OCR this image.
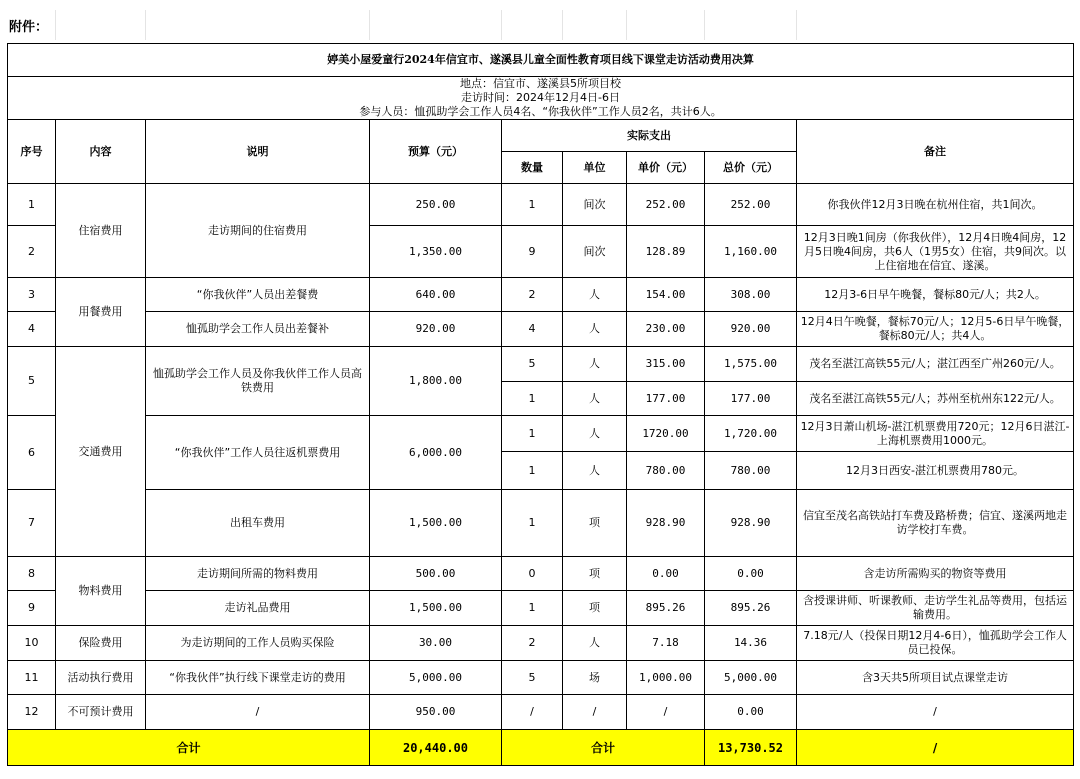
附件：
婷美小屋爱童行2024年信宜市、遂溪县儿童全面性教育项目线下课堂走访活动费用决算								

地点：信宜市、遂溪县5所项目校
走访时间：2024年12月4日-6日
参与人员：恤孤助学会工作人员4名、“你我伙伴”工作人员2名，共计6人。								

序号	内容	说明	预算（元）	实际支出				备注
				数量	单位	单价（元）	总价（元）	
1	住宿费用	走访期间的住宿费用	250.00	1	间次	252.00	252.00	你我伙伴12月3日晚在杭州住宿，共1间次。
2			1,350.00	9	间次	128.89	1,160.00	12月3日晚1间房（你我伙伴），12月4日晚4间房，12月5日晚4间房，共6人（1男5女）住宿，共9间次。以上住宿地在信宜、遂溪。
3	用餐费用	“你我伙伴”人员出差餐费	640.00	2	人	154.00	308.00	12月3-6日早午晚餐，餐标80元/人；共2人。
4		恤孤助学会工作人员出差餐补	920.00	4	人	230.00	920.00	12月4日午晚餐，餐标70元/人；12月5-6日早午晚餐，餐标80元/人；共4人。
5	交通费用	恤孤助学会工作人员及你我伙伴工作人员高铁费用	1,800.00	5	人	315.00	1,575.00	茂名至湛江高铁55元/人；湛江西至广州260元/人。
				1	人	177.00	177.00	茂名至湛江高铁55元/人；苏州至杭州东122元/人。
6		“你我伙伴”工作人员往返机票费用	6,000.00	1	人	1720.00	1,720.00	12月3日萧山机场-湛江机票费用720元；12月6日湛江-上海机票费用1000元。
				1	人	780.00	780.00	12月3日西安-湛江机票费用780元。
7		出租车费用	1,500.00	1	项	928.90	928.90	信宜至茂名高铁站打车费及路桥费；信宜、遂溪两地走访学校打车费。
8	物料费用	走访期间所需的物料费用	500.00	0	项	0.00	0.00	含走访所需购买的物资等费用
9		走访礼品费用	1,500.00	1	项	895.26	895.26	含授课讲师、听课教师、走访学生礼品等费用，包括运输费用。
10	保险费用	为走访期间的工作人员购买保险	30.00	2	人	7.18	14.36	7.18元/人（投保日期12月4-6日），恤孤助学会工作人员已投保。
11	活动执行费用	“你我伙伴”执行线下课堂走访的费用	5,000.00	5	场	1,000.00	5,000.00	含3天共5所项目试点课堂走访
12	不可预计费用	/	950.00	/	/	/	0.00	/
合计			20,440.00	合计			13,730.52	/
